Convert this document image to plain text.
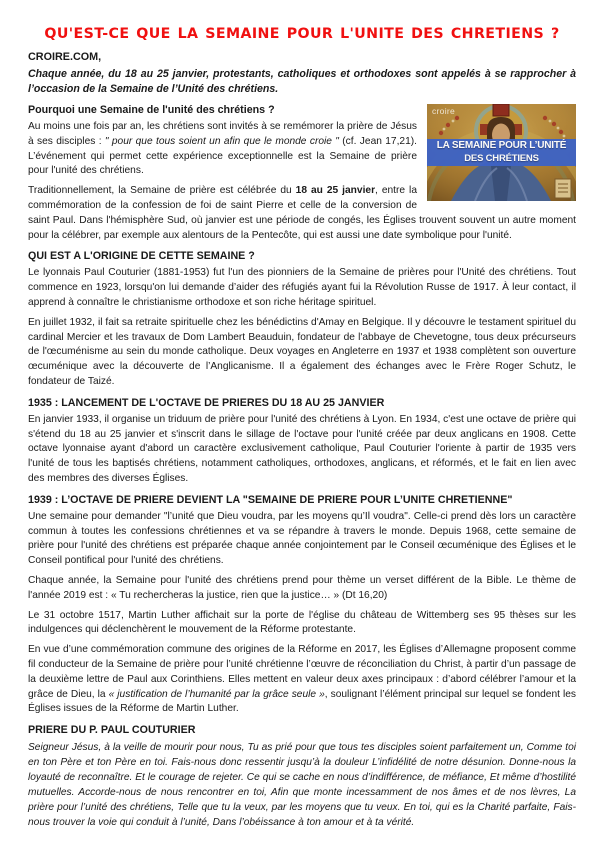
QU'EST-CE QUE LA SEMAINE POUR L'UNITE DES CHRETIENS ?
CROIRE.COM,

Chaque année, du 18 au 25 janvier, protestants, catholiques et orthodoxes sont appelés à se rapprocher à l’occasion de la Semaine de l’Unité des chrétiens.

croire
LA SEMAINE POUR L’UNITÉ
DES CHRÉTIENS
Pourquoi une Semaine de l'unité des chrétiens ?

Au moins une fois par an, les chrétiens sont invités à se remémorer la prière de Jésus à ses disciples : " pour que tous soient un afin que le monde croie " (cf. Jean 17,21). L’événement qui permet cette expérience exceptionnelle est la Semaine de prière pour l'unité des chrétiens.

Traditionnellement, la Semaine de prière est célébrée du 18 au 25 janvier, entre la commémoration de la confession de foi de saint Pierre et celle de la conversion de saint Paul. Dans l'hémisphère Sud, où janvier est une période de congés, les Églises trouvent souvent un autre moment pour la célébrer, par exemple aux alentours de la Pentecôte, qui est aussi une date symbolique pour l'unité.

QUI EST A L'ORIGINE DE CETTE SEMAINE ?

Le lyonnais Paul Couturier (1881-1953) fut l'un des pionniers de la Semaine de prières pour l'Unité des chrétiens. Tout commence en 1923, lorsqu'on lui demande d’aider des réfugiés ayant fui la Révolution Russe de 1917. À leur contact, il apprend à connaître le christianisme orthodoxe et son riche héritage spirituel.

En juillet 1932, il fait sa retraite spirituelle chez les bénédictins d'Amay en Belgique. Il y découvre le testament spirituel du cardinal Mercier et les travaux de Dom Lambert Beauduin, fondateur de l'abbaye de Chevetogne, tous deux précurseurs de l'œcuménisme au sein du monde catholique. Deux voyages en Angleterre en 1937 et 1938 complètent son ouverture œcuménique avec la découverte de l’Anglicanisme. Il a également des échanges avec le Frère Roger Schutz, le fondateur de Taizé.

1935 : LANCEMENT DE L'OCTAVE DE PRIERES DU 18 AU 25 JANVIER

En janvier 1933, il organise un triduum de prière pour l'unité des chrétiens à Lyon. En 1934, c'est une octave de prière qui s'étend du 18 au 25 janvier et s'inscrit dans le sillage de l'octave pour l'unité créée par deux anglicans en 1908. Cette octave lyonnaise ayant d'abord un caractère exclusivement catholique, Paul Couturier l'oriente à partir de 1935 vers l'unité de tous les baptisés chrétiens, notamment catholiques, orthodoxes, anglicans, et réformés, et le fait en lien avec des membres des diverses Églises.

1939 : L’OCTAVE DE PRIERE DEVIENT LA "SEMAINE DE PRIERE POUR L’UNITE CHRETIENNE"

Une semaine pour demander "l’unité que Dieu voudra, par les moyens qu’Il voudra". Celle-ci prend dès lors un caractère commun à toutes les confessions chrétiennes et va se répandre à travers le monde. Depuis 1968, cette semaine de prière pour l'unité des chrétiens est préparée chaque année conjointement par le Conseil œcuménique des Églises et le Conseil pontifical pour l'unité des chrétiens.

Chaque année, la Semaine pour l'unité des chrétiens prend pour thème un verset différent de la Bible. Le thème de l'année 2019 est : « Tu rechercheras la justice, rien que la justice… » (Dt 16,20)

Le 31 octobre 1517, Martin Luther affichait sur la porte de l'église du château de Wittemberg ses 95 thèses sur les indulgences qui déclenchèrent le mouvement de la Réforme protestante.

En vue d’une commémoration commune des origines de la Réforme en 2017, les Églises d’Allemagne proposent comme fil conducteur de la Semaine de prière pour l’unité chrétienne l’œuvre de réconciliation du Christ, à partir d’un passage de la deuxième lettre de Paul aux Corinthiens. Elles mettent en valeur deux axes principaux : d’abord célébrer l’amour et la grâce de Dieu, la « justification de l’humanité par la grâce seule », soulignant l’élément principal sur lequel se fondent les Églises issues de la Réforme de Martin Luther.

PRIERE DU P. PAUL COUTURIER

Seigneur Jésus, à la veille de mourir pour nous, Tu as prié pour que tous tes disciples soient parfaitement un, Comme toi en ton Père et ton Père en toi. Fais-nous donc ressentir jusqu’à la douleur L’infidélité de notre désunion. Donne-nous la loyauté de reconnaître. Et le courage de rejeter. Ce qui se cache en nous d’indifférence, de méfiance, Et même d’hostilité mutuelles. Accorde-nous de nous rencontrer en toi, Afin que monte incessamment de nos âmes et de nos lèvres, La prière pour l’unité des chrétiens, Telle que tu la veux, par les moyens que tu veux. En toi, qui es la Charité parfaite, Fais-nous trouver la voie qui conduit à l’unité, Dans l’obéissance à ton amour et à ta vérité.
